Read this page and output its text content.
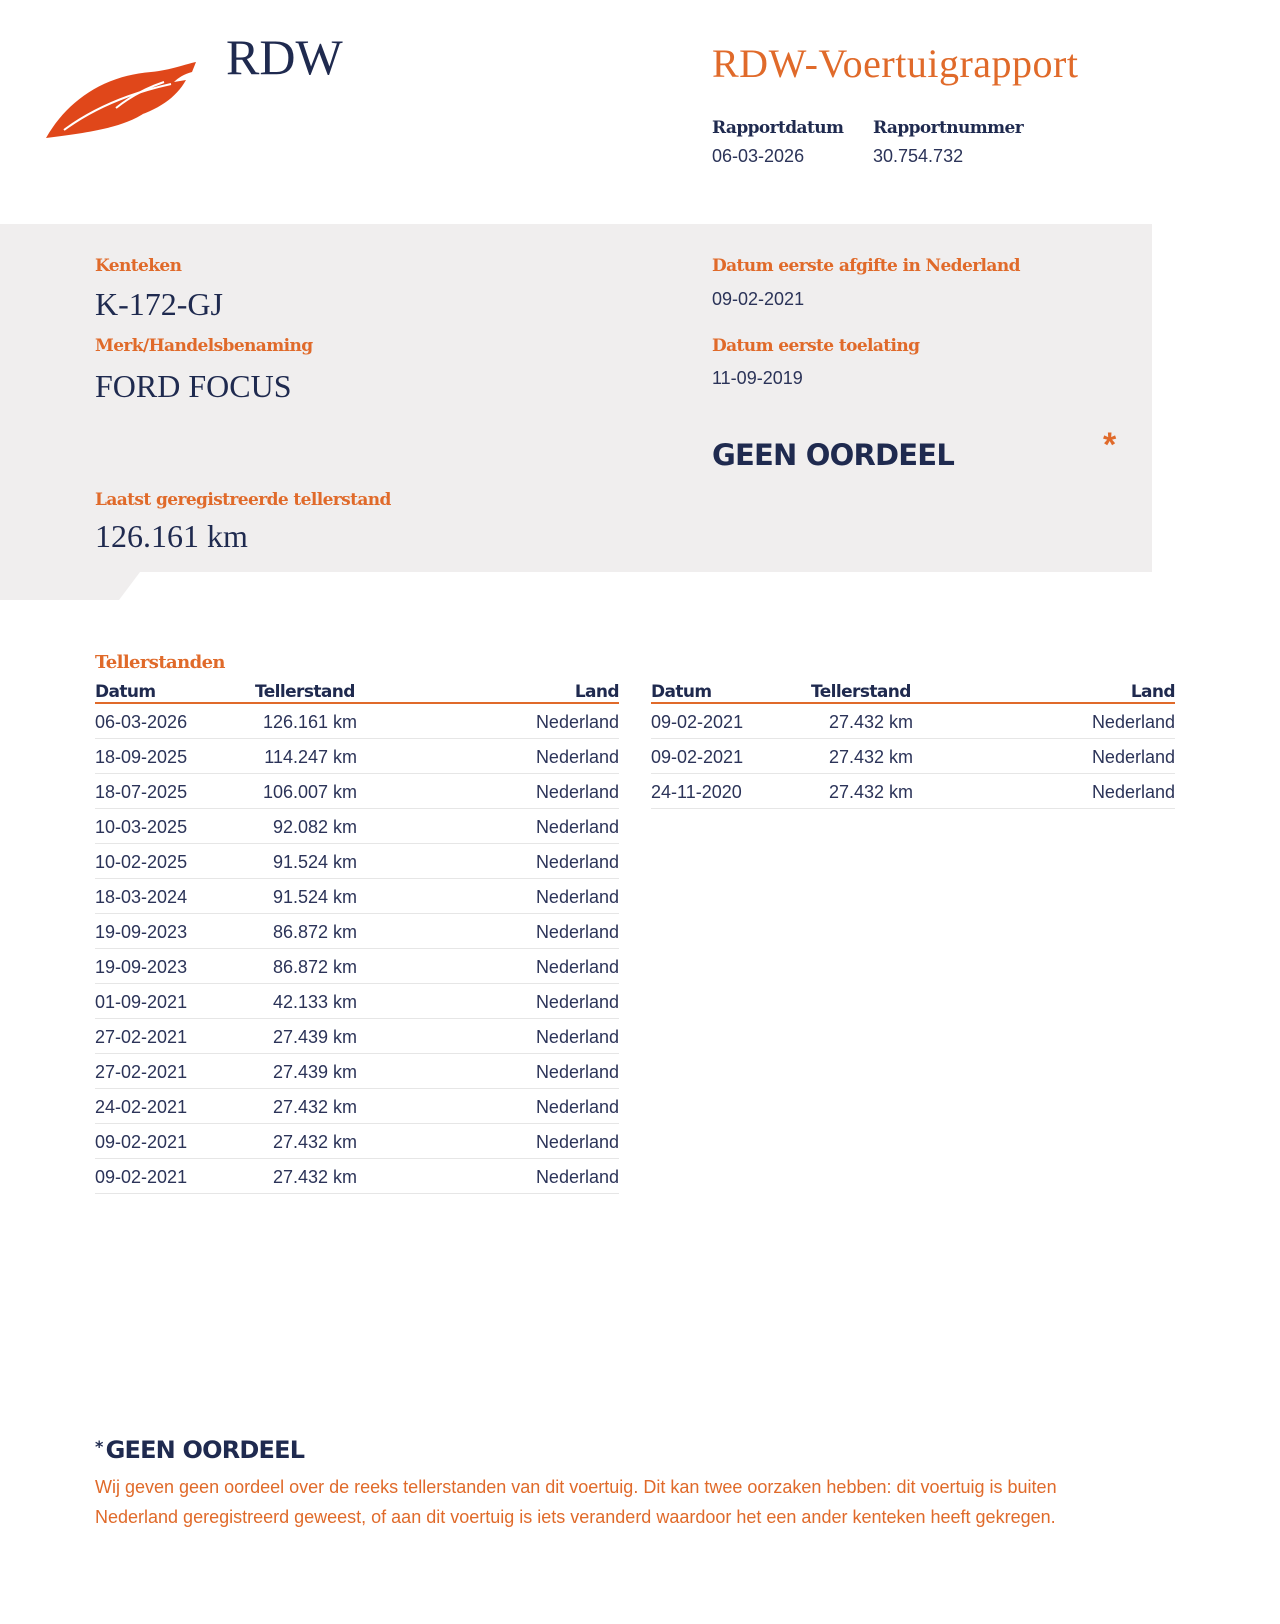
RDW	RDW-Voertuigrapport
Rapportdatum
06-03-2026
Rapportnummer
30.754.732
Kenteken
K-172-GJ
Merk/Handelsbenaming
FORD FOCUS
Laatst geregistreerde tellerstand
126.161 km
Datum eerste afgifte in Nederland
09-02-2021
Datum eerste toelating
11-09-2019
GEEN OORDEEL	*
Tellerstanden
Datum	Tellerstand	Land
06-03-2026	126.161 km	Nederland
18-09-2025	114.247 km	Nederland
18-07-2025	106.007 km	Nederland
10-03-2025	92.082 km	Nederland
10-02-2025	91.524 km	Nederland
18-03-2024	91.524 km	Nederland
19-09-2023	86.872 km	Nederland
19-09-2023	86.872 km	Nederland
01-09-2021	42.133 km	Nederland
27-02-2021	27.439 km	Nederland
27-02-2021	27.439 km	Nederland
24-02-2021	27.432 km	Nederland
09-02-2021	27.432 km	Nederland
09-02-2021	27.432 km	Nederland
Datum	Tellerstand	Land
09-02-2021	27.432 km	Nederland
09-02-2021	27.432 km	Nederland
24-11-2020	27.432 km	Nederland
* GEEN OORDEEL
Wij geven geen oordeel over de reeks tellerstanden van dit voertuig. Dit kan twee oorzaken hebben: dit voertuig is buiten Nederland geregistreerd geweest, of aan dit voertuig is iets veranderd waardoor het een ander kenteken heeft gekregen.
